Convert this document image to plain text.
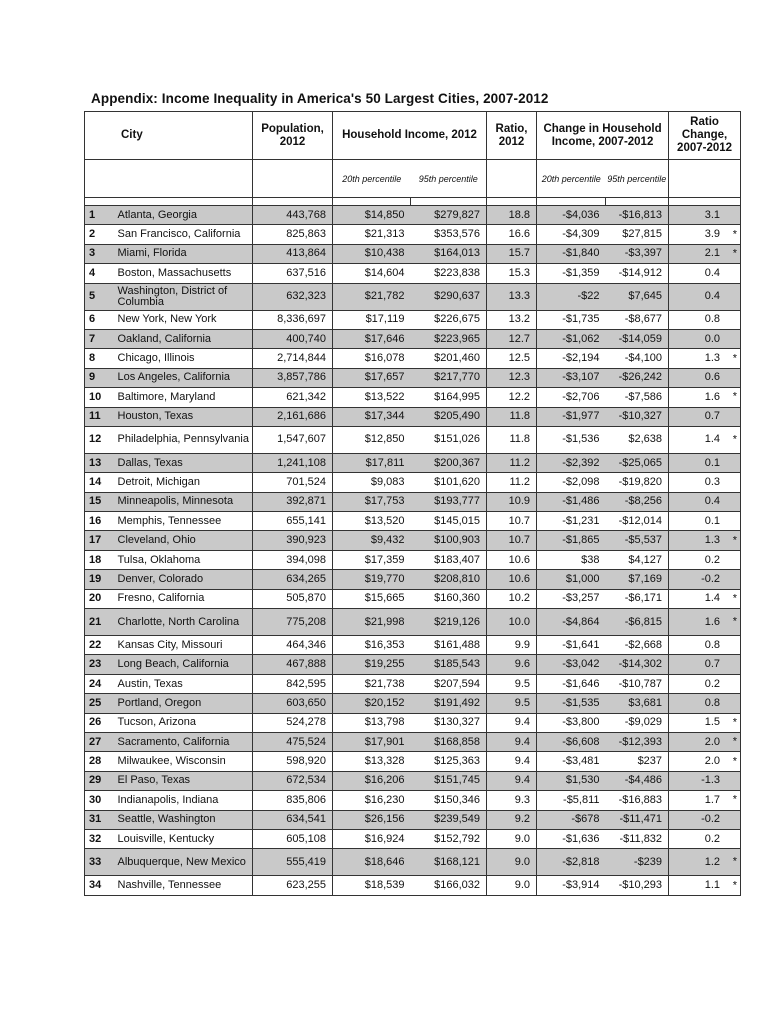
Appendix: Income Inequality in America's 50 Largest Cities, 2007-2012
City		Population, 2012	Household Income, 2012		Ratio, 2012	Change in Household Income, 2007-2012		Ratio Change, 2007-2012
			20th percentile	95th percentile		20th percentile	95th percentile	

1	Atlanta, Georgia	443,768	$14,850	$279,827	18.8	-$4,036	-$16,813	3.1

2	San Francisco, California	825,863	$21,313	$353,576	16.6	-$4,309	$27,815	3.9 *

3	Miami, Florida	413,864	$10,438	$164,013	15.7	-$1,840	-$3,397	2.1 *

4	Boston, Massachusetts	637,516	$14,604	$223,838	15.3	-$1,359	-$14,912	0.4

5	Washington, District of Columbia	632,323	$21,782	$290,637	13.3	-$22	$7,645	0.4

6	New York, New York	8,336,697	$17,119	$226,675	13.2	-$1,735	-$8,677	0.8

7	Oakland, California	400,740	$17,646	$223,965	12.7	-$1,062	-$14,059	0.0

8	Chicago, Illinois	2,714,844	$16,078	$201,460	12.5	-$2,194	-$4,100	1.3 *

9	Los Angeles, California	3,857,786	$17,657	$217,770	12.3	-$3,107	-$26,242	0.6

10	Baltimore, Maryland	621,342	$13,522	$164,995	12.2	-$2,706	-$7,586	1.6 *

11	Houston, Texas	2,161,686	$17,344	$205,490	11.8	-$1,977	-$10,327	0.7

12	Philadelphia, Pennsylvania	1,547,607	$12,850	$151,026	11.8	-$1,536	$2,638	1.4 *

13	Dallas, Texas	1,241,108	$17,811	$200,367	11.2	-$2,392	-$25,065	0.1

14	Detroit, Michigan	701,524	$9,083	$101,620	11.2	-$2,098	-$19,820	0.3

15	Minneapolis, Minnesota	392,871	$17,753	$193,777	10.9	-$1,486	-$8,256	0.4

16	Memphis, Tennessee	655,141	$13,520	$145,015	10.7	-$1,231	-$12,014	0.1

17	Cleveland, Ohio	390,923	$9,432	$100,903	10.7	-$1,865	-$5,537	1.3 *

18	Tulsa, Oklahoma	394,098	$17,359	$183,407	10.6	$38	$4,127	0.2

19	Denver, Colorado	634,265	$19,770	$208,810	10.6	$1,000	$7,169	-0.2

20	Fresno, California	505,870	$15,665	$160,360	10.2	-$3,257	-$6,171	1.4 *

21	Charlotte, North Carolina	775,208	$21,998	$219,126	10.0	-$4,864	-$6,815	1.6 *

22	Kansas City, Missouri	464,346	$16,353	$161,488	9.9	-$1,641	-$2,668	0.8

23	Long Beach, California	467,888	$19,255	$185,543	9.6	-$3,042	-$14,302	0.7

24	Austin, Texas	842,595	$21,738	$207,594	9.5	-$1,646	-$10,787	0.2

25	Portland, Oregon	603,650	$20,152	$191,492	9.5	-$1,535	$3,681	0.8

26	Tucson, Arizona	524,278	$13,798	$130,327	9.4	-$3,800	-$9,029	1.5 *

27	Sacramento, California	475,524	$17,901	$168,858	9.4	-$6,608	-$12,393	2.0 *

28	Milwaukee, Wisconsin	598,920	$13,328	$125,363	9.4	-$3,481	$237	2.0 *

29	El Paso, Texas	672,534	$16,206	$151,745	9.4	$1,530	-$4,486	-1.3

30	Indianapolis, Indiana	835,806	$16,230	$150,346	9.3	-$5,811	-$16,883	1.7 *

31	Seattle, Washington	634,541	$26,156	$239,549	9.2	-$678	-$11,471	-0.2

32	Louisville, Kentucky	605,108	$16,924	$152,792	9.0	-$1,636	-$11,832	0.2

33	Albuquerque, New Mexico	555,419	$18,646	$168,121	9.0	-$2,818	-$239	1.2 *

34	Nashville, Tennessee	623,255	$18,539	$166,032	9.0	-$3,914	-$10,293	1.1 *
